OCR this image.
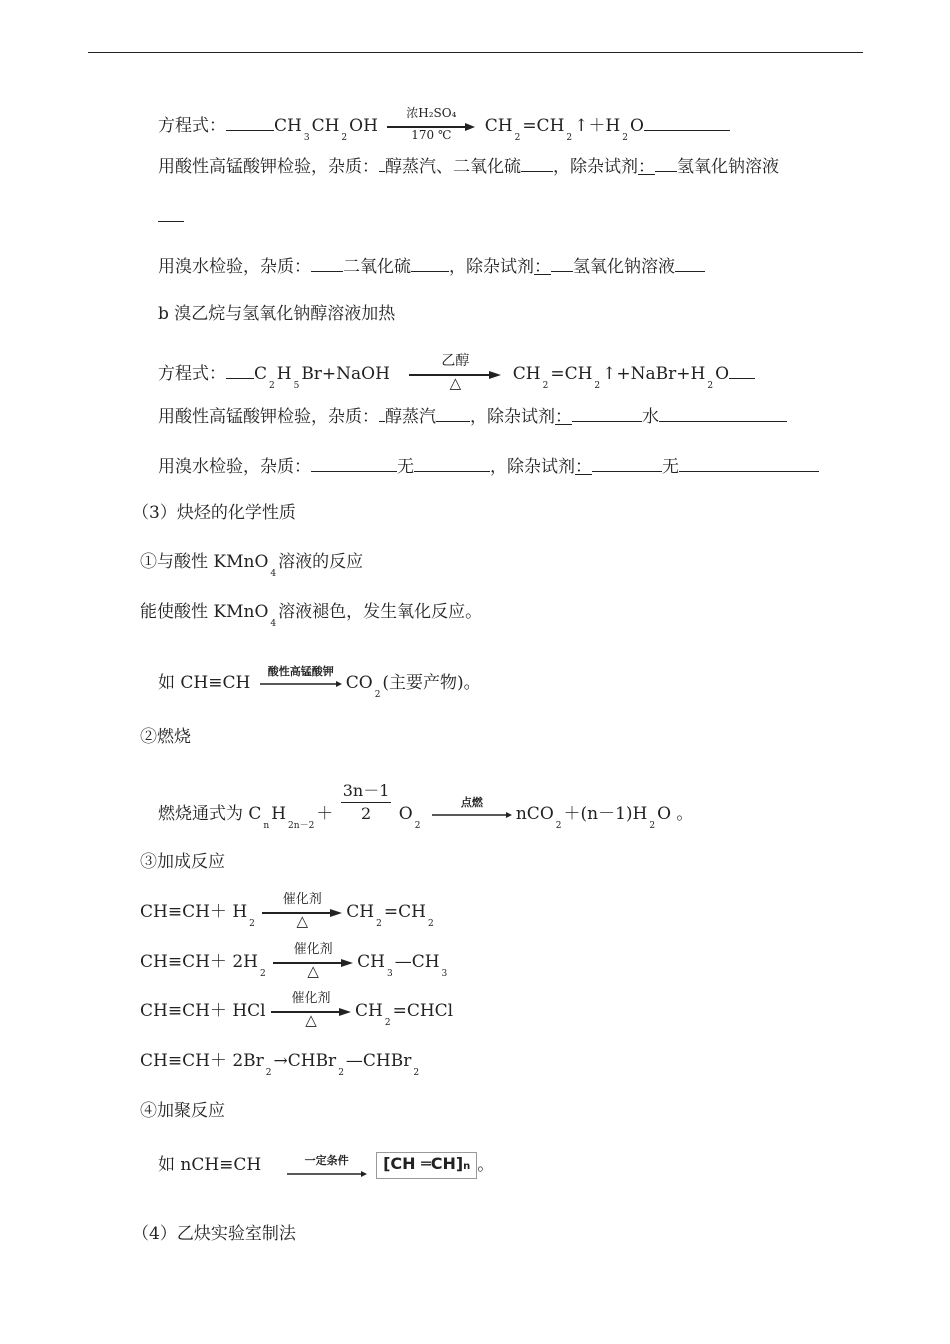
方程式：	$CH_3CH_2OH$
浓H₂SO₄
170 ℃	$CH_2=CH_2↑+H_2O$
用酸性高锰酸钾检验，杂质： 醇蒸汽、二氧化硫 ，除杂试剂： 氢氧化钠溶液
用溴水检验，杂质： 二氧化硫 ，除杂试剂： 氢氧化钠溶液
b 溴乙烷与氢氧化钠醇溶液加热
方程式： $C_2H_5Br+NaOH$
乙醇
△	$CH_2=CH_2↑+NaBr+H_2O$
用酸性高锰酸钾检验，杂质： 醇蒸汽 ，除杂试剂：	水
用溴水检验，杂质：	无	，除杂试剂：	无
（3）炔烃的化学性质
①与酸性 KMnO$_4$溶液的反应
能使酸性 KMnO$_4$溶液褪色，发生氧化反应。
如 CH≡CH
酸性高锰酸钾
$CO_2$(主要产物)。
②燃烧
燃烧通式为 $C_nH_{2n-2}+ \frac{3n-1}{2} O_2$
点燃
$nCO_2+(n-1)H_2O$ 。
③加成反应
$CH\equiv CH+ H_2$
催化剂
△	$CH_2=CH_2$
$CH\equiv CH+ 2H_2$
催化剂
△	$CH_3—CH_3$
CH≡CH＋ HCl
催化剂
△	$CH_2=CHCl$
$CH\equiv CH+ 2Br_2\to CHBr_2—CHBr_2$
④加聚反应
如 nCH≡CH	一定条件	[CH ═CH]n 。
（4）乙炔实验室制法
